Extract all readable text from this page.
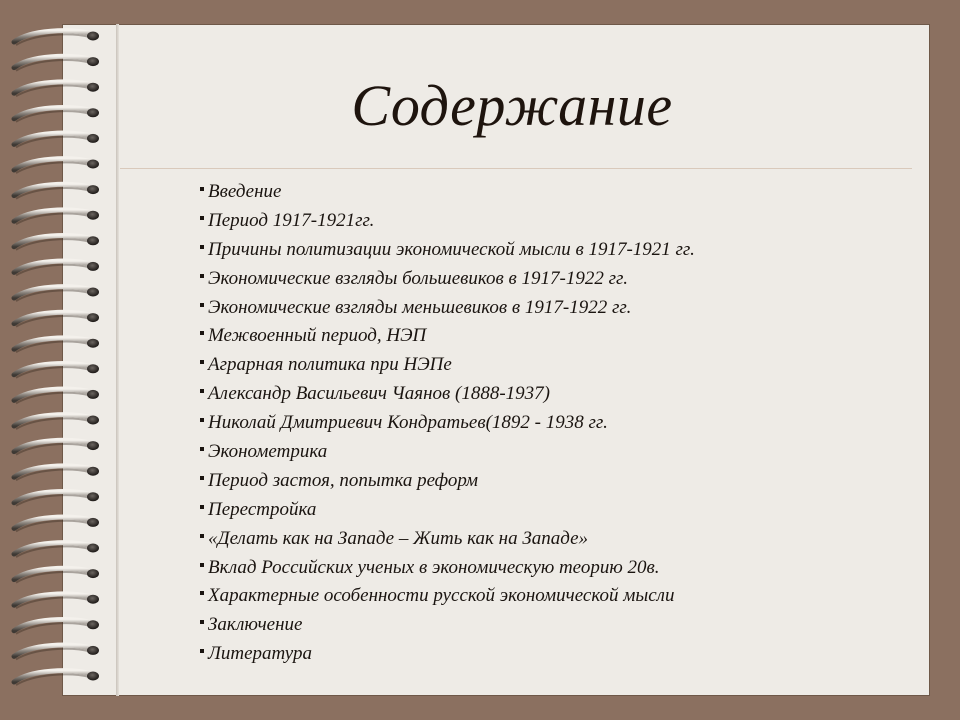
Содержание
Введение
Период 1917-1921гг.
Причины политизации экономической мысли в 1917-1921 гг.
Экономические взгляды большевиков в 1917-1922 гг.
Экономические взгляды меньшевиков в 1917-1922 гг.
Межвоенный период, НЭП
Аграрная политика при НЭПе
Александр Васильевич Чаянов (1888-1937)
Николай Дмитриевич Кондратьев(1892 - 1938 гг.
Эконометрика
Период застоя, попытка реформ
Перестройка
«Делать как на Западе – Жить как на Западе»
Вклад Российских ученых в экономическую теорию 20в.
Характерные особенности русской экономической мысли
Заключение
Литература
